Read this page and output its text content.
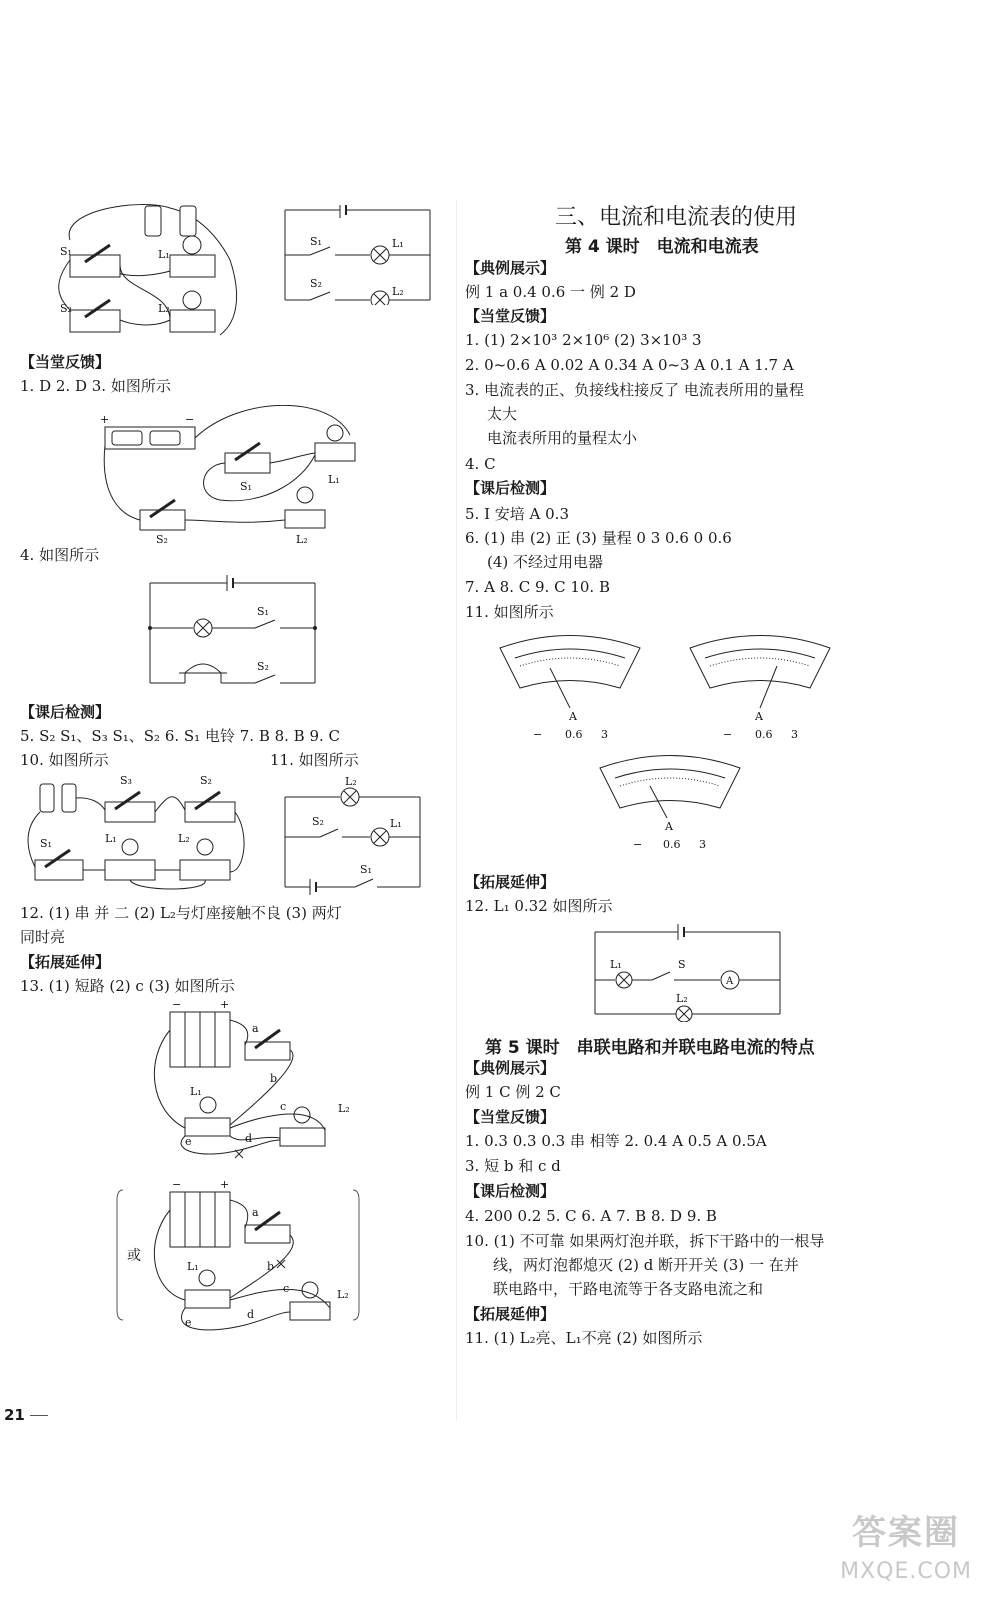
S₁	L₁
S₂	L₂
S₁	L₁
S₂
L₂
【当堂反馈】
1. D 2. D 3. 如图所示
+	−
S₁
L₁
S₂	L₂
4. 如图所示
S₁
S₂
【课后检测】
5. S₂ S₁、S₃ S₁、S₂ 6. S₁ 电铃 7. B 8. B 9. C
10. 如图所示	11. 如图所示
S₃	S₂
S₁	L₁	L₂
L₂
S₂	L₁
S₁
12. (1) 串 并 二 (2) L₂与灯座接触不良 (3) 两灯
同时亮
【拓展延伸】
13. (1) 短路 (2) c (3) 如图所示
−	+
a
b
c
d
e
L₁
L₂
−	+
或
a
b
c
d
e
L₁
L₂
三、电流和电流表的使用
第 4 课时　电流和电流表
【典例展示】
例 1 a 0.4 0.6 一 例 2 D
【当堂反馈】
1. (1) 2×10³ 2×10⁶ (2) 3×10³ 3
2. 0~0.6 A 0.02 A 0.34 A 0~3 A 0.1 A 1.7 A
3. 电流表的正、负接线柱接反了 电流表所用的量程
太大
电流表所用的量程太小
4. C
【课后检测】
5. I 安培 A 0.3
6. (1) 串 (2) 正 (3) 量程 0 3 0.6 0 0.6
(4) 不经过用电器
7. A 8. C 9. C 10. B
11. 如图所示
A
− 0.6 3
A
− 0.6 3
A
− 0.6 3
【拓展延伸】
12. L₁ 0.32 如图所示
A
L₁	S
L₂
第 5 课时　串联电路和并联电路电流的特点
【典例展示】
例 1 C 例 2 C
【当堂反馈】
1. 0.3 0.3 0.3 串 相等 2. 0.4 A 0.5 A 0.5A
3. 短 b 和 c d
【课后检测】
4. 200 0.2 5. C 6. A 7. B 8. D 9. B
10. (1) 不可靠 如果两灯泡并联，拆下干路中的一根导
线，两灯泡都熄灭 (2) d 断开开关 (3) 一 在并
联电路中，干路电流等于各支路电流之和
【拓展延伸】
11. (1) L₂亮、L₁不亮 (2) 如图所示
21
答案圈
MXQE.COM
